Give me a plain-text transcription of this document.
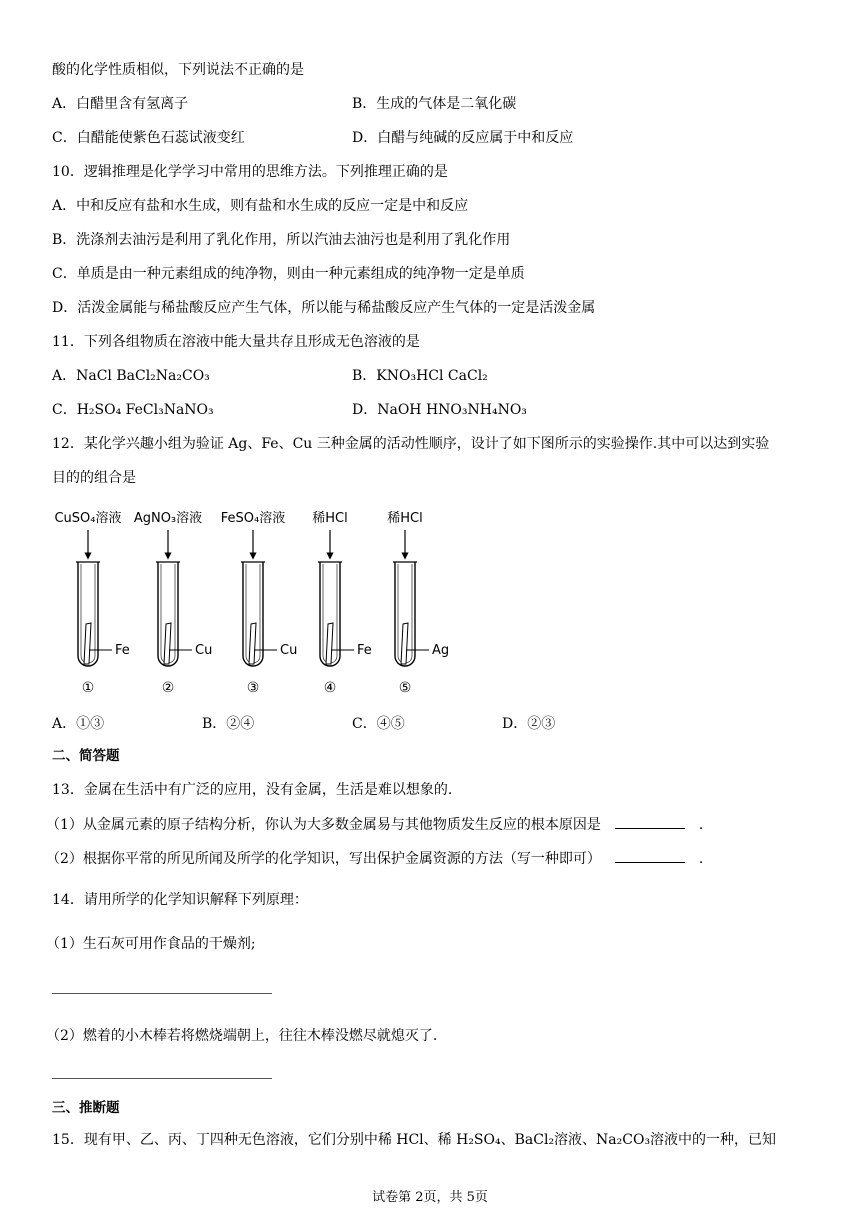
酸的化学性质相似，下列说法不正确的是
A．白醋里含有氢离子	B．生成的气体是二氧化碳
C．白醋能使紫色石蕊试液变红	D．白醋与纯碱的反应属于中和反应
10．逻辑推理是化学学习中常用的思维方法。下列推理正确的是
A．中和反应有盐和水生成，则有盐和水生成的反应一定是中和反应
B．洗涤剂去油污是利用了乳化作用，所以汽油去油污也是利用了乳化作用
C．单质是由一种元素组成的纯净物，则由一种元素组成的纯净物一定是单质
D．活泼金属能与稀盐酸反应产生气体，所以能与稀盐酸反应产生气体的一定是活泼金属
11．下列各组物质在溶液中能大量共存且形成无色溶液的是
A．NaCl BaCl₂Na₂CO₃	B．KNO₃HCl CaCl₂
C．H₂SO₄ FeCl₃NaNO₃	D．NaOH HNO₃NH₄NO₃
12．某化学兴趣小组为验证 Ag、Fe、Cu 三种金属的活动性顺序，设计了如下图所示的实验操作.其中可以达到实验
目的的组合是
CuSO₄溶液
Fe
①
AgNO₃溶液
Cu
②
FeSO₄溶液
Cu
③
稀HCl
Fe
④
稀HCl
Ag
⑤
A．①③	B．②④	C．④⑤	D．②③
二、简答题
13．金属在生活中有广泛的应用，没有金属，生活是难以想象的.
（1）从金属元素的原子结构分析，你认为大多数金属易与其他物质发生反应的根本原因是	.
（2）根据你平常的所见所闻及所学的化学知识，写出保护金属资源的方法（写一种即可）	.
14．请用所学的化学知识解释下列原理：
（1）生石灰可用作食品的干燥剂;
（2）燃着的小木棒若将燃烧端朝上，往往木棒没燃尽就熄灭了.
三、推断题
15．现有甲、乙、丙、丁四种无色溶液，它们分别中稀 HCl、稀 H₂SO₄、BaCl₂溶液、Na₂CO₃溶液中的一种，已知
试卷第 2页，共 5页
